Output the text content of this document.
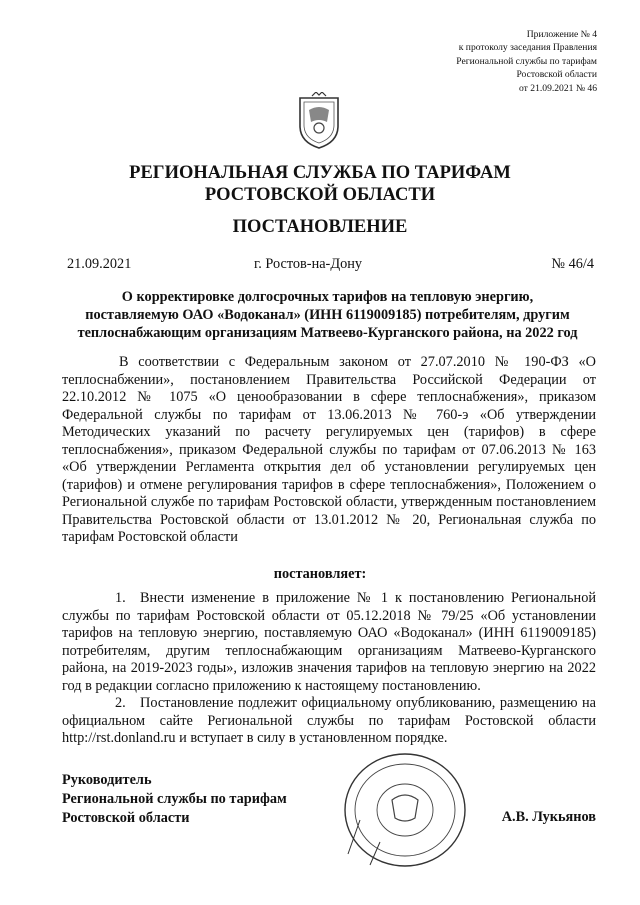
Приложение № 4
к протоколу заседания Правления
Региональной службы по тарифам
Ростовской области
от 21.09.2021 № 46
РЕГИОНАЛЬНАЯ СЛУЖБА ПО ТАРИФАМ
РОСТОВСКОЙ ОБЛАСТИ
ПОСТАНОВЛЕНИЕ
21.09.2021	г. Ростов-на-Дону	№ 46/4
О корректировке долгосрочных тарифов на тепловую энергию,
поставляемую ОАО «Водоканал» (ИНН 6119009185) потребителям, другим
теплоснабжающим организациям Матвеево-Курганского района, на 2022 год
В соответствии с Федеральным законом от 27.07.2010 № 190-ФЗ «О теплоснабжении», постановлением Правительства Российской Федерации от 22.10.2012 № 1075 «О ценообразовании в сфере теплоснабжения», приказом Федеральной службы по тарифам от 13.06.2013 № 760-э «Об утверждении Методических указаний по расчету регулируемых цен (тарифов) в сфере теплоснабжения», приказом Федеральной службы по тарифам от 07.06.2013 № 163 «Об утверждении Регламента открытия дел об установлении регулируемых цен (тарифов) и отмене регулирования тарифов в сфере теплоснабжения», Положением о Региональной службе по тарифам Ростовской области, утвержденным постановлением Правительства Ростовской области от 13.01.2012 № 20, Региональная служба по тарифам Ростовской области
постановляет:

1. Внести изменение в приложение № 1 к постановлению Региональной службы по тарифам Ростовской области от 05.12.2018 № 79/25 «Об установлении тарифов на тепловую энергию, поставляемую ОАО «Водоканал» (ИНН 6119009185) потребителям, другим теплоснабжающим организациям Матвеево-Курганского района, на 2019-2023 годы», изложив значения тарифов на тепловую энергию на 2022 год в редакции согласно приложению к настоящему постановлению.

2. Постановление подлежит официальному опубликованию, размещению на официальном сайте Региональной службы по тарифам Ростовской области http://rst.donland.ru и вступает в силу в установленном порядке.

Руководитель
Региональной службы по тарифам
Ростовской области	А.В. Лукьянов
